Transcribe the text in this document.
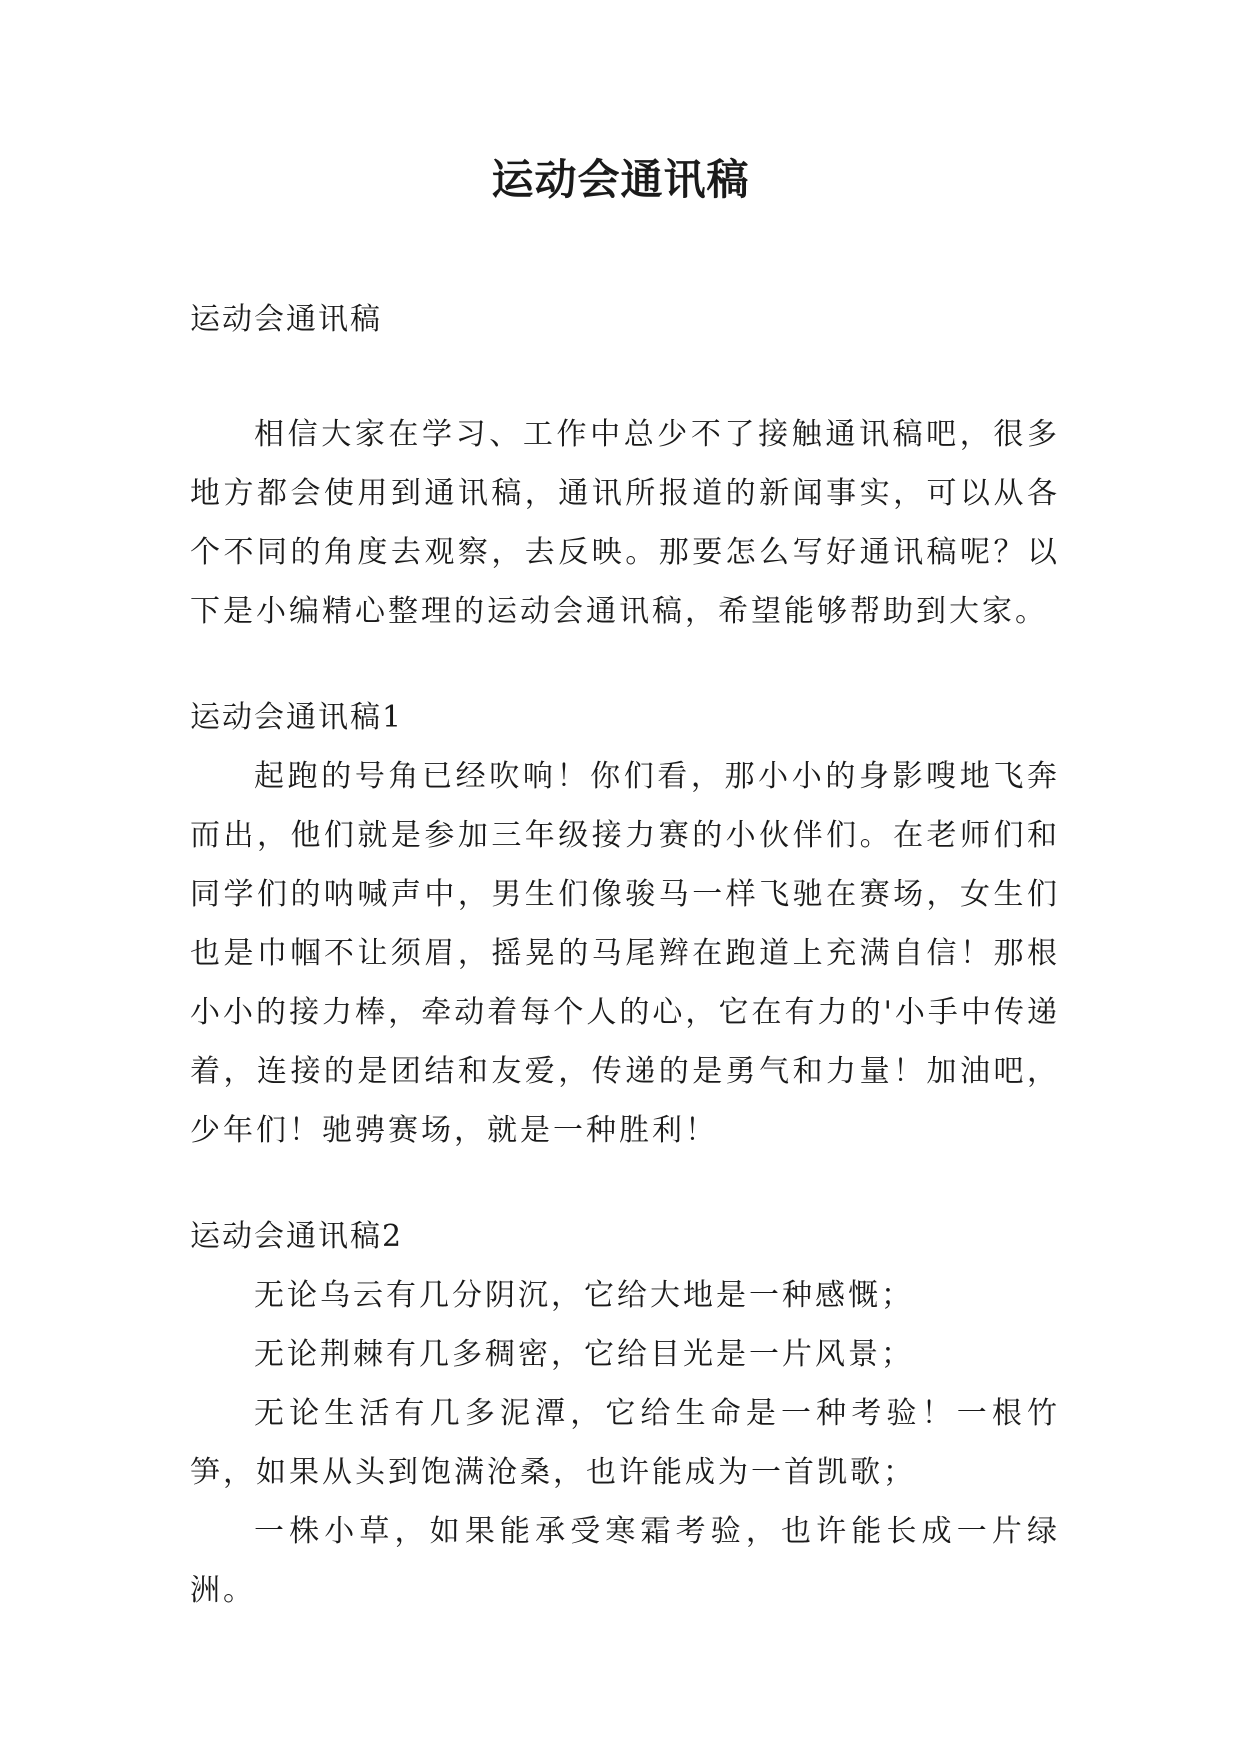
运动会通讯稿

运动会通讯稿

相信大家在学习、工作中总少不了接触通讯稿吧，很多地方都会使用到通讯稿，通讯所报道的新闻事实，可以从各个不同的角度去观察，去反映。那要怎么写好通讯稿呢？以下是小编精心整理的运动会通讯稿，希望能够帮助到大家。

运动会通讯稿1

起跑的号角已经吹响！你们看，那小小的身影嗖地飞奔而出，他们就是参加三年级接力赛的小伙伴们。在老师们和同学们的呐喊声中，男生们像骏马一样飞驰在赛场，女生们也是巾帼不让须眉，摇晃的马尾辫在跑道上充满自信！那根小小的接力棒，牵动着每个人的心，它在有力的'小手中传递着，连接的是团结和友爱，传递的是勇气和力量！加油吧，少年们！驰骋赛场，就是一种胜利！

运动会通讯稿2

无论乌云有几分阴沉，它给大地是一种感慨；

无论荆棘有几多稠密，它给目光是一片风景；

无论生活有几多泥潭，它给生命是一种考验！一根竹笋，如果从头到饱满沧桑，也许能成为一首凯歌；

一株小草，如果能承受寒霜考验，也许能长成一片绿洲。
